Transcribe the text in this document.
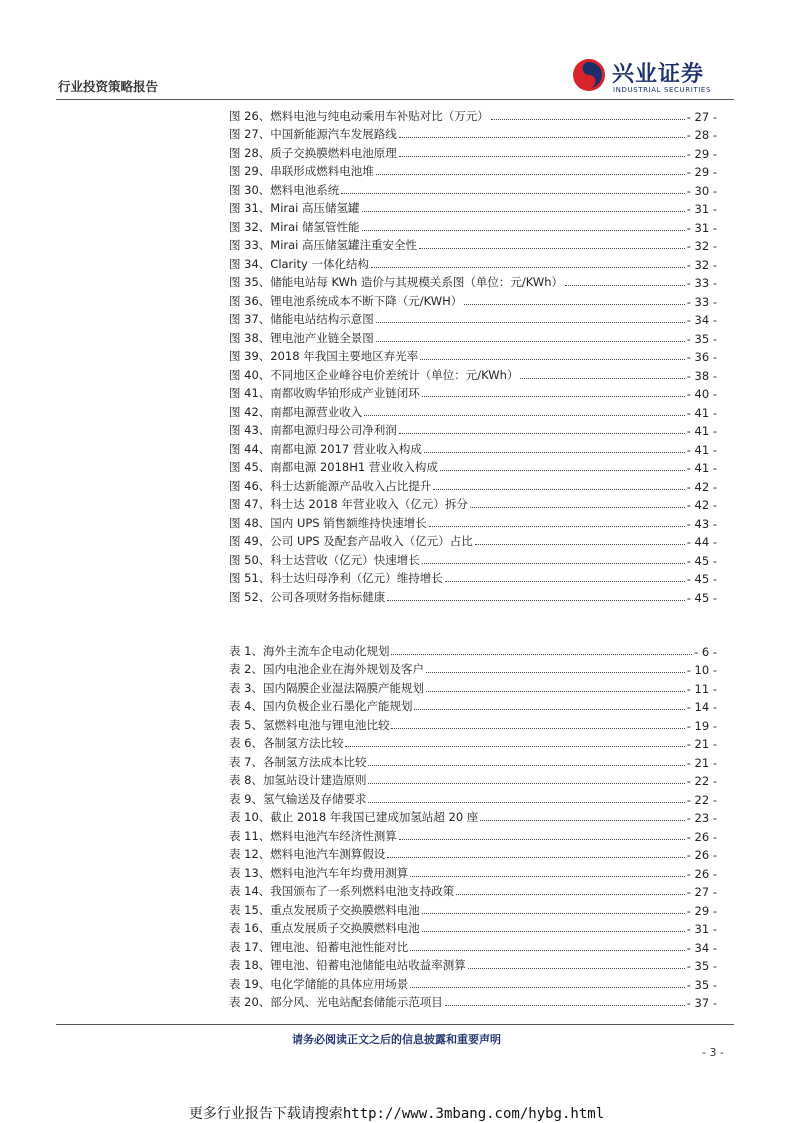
行业投资策略报告	兴业证券
INDUSTRIAL SECURITIES
图 26、燃料电池与纯电动乘用车补贴对比（万元）	- 27 -
图 27、中国新能源汽车发展路线	- 28 -
图 28、质子交换膜燃料电池原理	- 29 -
图 29、串联形成燃料电池堆	- 29 -
图 30、燃料电池系统	- 30 -
图 31、Mirai 高压储氢罐	- 31 -
图 32、Mirai 储氢管性能	- 31 -
图 33、Mirai 高压储氢罐注重安全性	- 32 -
图 34、Clarity 一体化结构	- 32 -
图 35、储能电站每 KWh 造价与其规模关系图（单位：元/KWh）	- 33 -
图 36、锂电池系统成本不断下降（元/KWH）	- 33 -
图 37、储能电站结构示意图	- 34 -
图 38、锂电池产业链全景图	- 35 -
图 39、2018 年我国主要地区弃光率	- 36 -
图 40、不同地区企业峰谷电价差统计（单位：元/KWh）	- 38 -
图 41、南都收购华铂形成产业链闭环	- 40 -
图 42、南都电源营业收入	- 41 -
图 43、南都电源归母公司净利润	- 41 -
图 44、南都电源 2017 营业收入构成	- 41 -
图 45、南都电源 2018H1 营业收入构成	- 41 -
图 46、科士达新能源产品收入占比提升	- 42 -
图 47、科士达 2018 年营业收入（亿元）拆分	- 42 -
图 48、国内 UPS 销售额维持快速增长	- 43 -
图 49、公司 UPS 及配套产品收入（亿元）占比	- 44 -
图 50、科士达营收（亿元）快速增长	- 45 -
图 51、科士达归母净利（亿元）维持增长	- 45 -
图 52、公司各项财务指标健康	- 45 -
表 1、海外主流车企电动化规划	- 6 -
表 2、国内电池企业在海外规划及客户	- 10 -
表 3、国内隔膜企业湿法隔膜产能规划	- 11 -
表 4、国内负极企业石墨化产能规划	- 14 -
表 5、氢燃料电池与锂电池比较	- 19 -
表 6、各制氢方法比较	- 21 -
表 7、各制氢方法成本比较	- 21 -
表 8、加氢站设计建造原则	- 22 -
表 9、氢气输送及存储要求	- 22 -
表 10、截止 2018 年我国已建成加氢站超 20 座	- 23 -
表 11、燃料电池汽车经济性测算	- 26 -
表 12、燃料电池汽车测算假设	- 26 -
表 13、燃料电池汽车年均费用测算	- 26 -
表 14、我国颁布了一系列燃料电池支持政策	- 27 -
表 15、重点发展质子交换膜燃料电池	- 29 -
表 16、重点发展质子交换膜燃料电池	- 31 -
表 17、锂电池、铅蓄电池性能对比	- 34 -
表 18、锂电池、铅蓄电池储能电站收益率测算	- 35 -
表 19、电化学储能的具体应用场景	- 35 -
表 20、部分风、光电站配套储能示范项目	- 37 -
请务必阅读正文之后的信息披露和重要声明
- 3 -
更多行业报告下载请搜索http://www.3mbang.com/hybg.html
